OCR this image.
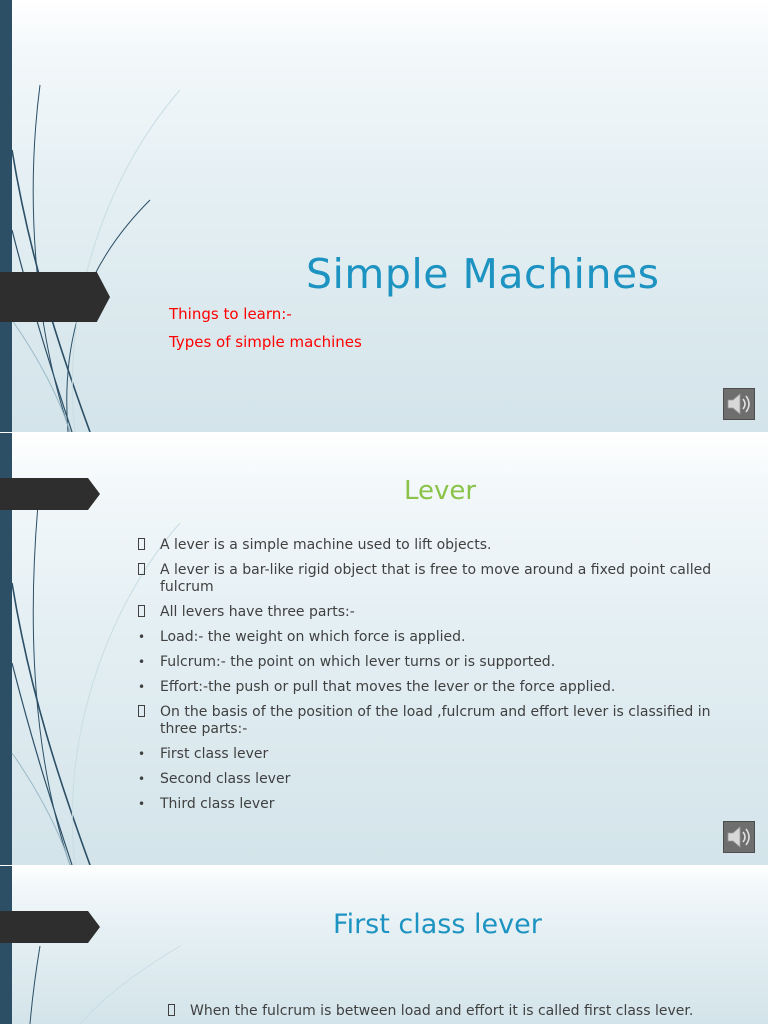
Simple Machines
Things to learn:-
Types of simple machines
Lever
A lever is a simple machine used to lift objects.
A lever is a bar-like rigid object that is free to move around a fixed point called fulcrum
All levers have three parts:-
•	Load:- the weight on which force is applied.
•	Fulcrum:- the point on which lever turns or is supported.
•	Effort:-the push or pull that moves the lever or the force applied.
On the basis of the position of the load ,fulcrum and effort lever is classified in three parts:-
•	First class lever
•	Second class lever
•	Third class lever
First class lever
When the fulcrum is between load and effort it is called first class lever.
